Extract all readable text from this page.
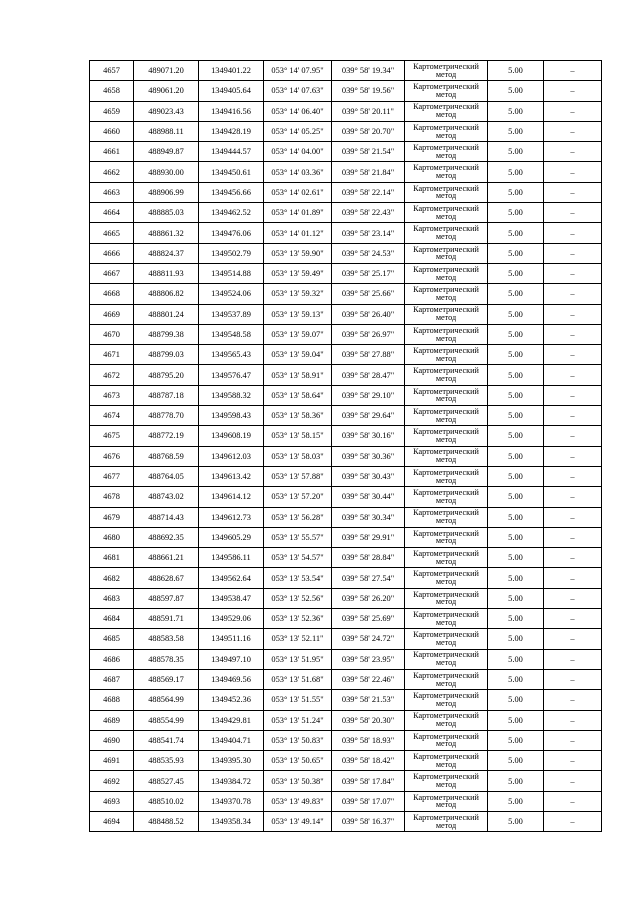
4657	489071.20	1349401.22	053° 14' 07.95"	039° 58' 19.34"	Картометрический метод	5.00	–
4658	489061.20	1349405.64	053° 14' 07.63"	039° 58' 19.56"	Картометрический метод	5.00	–
4659	489023.43	1349416.56	053° 14' 06.40"	039° 58' 20.11"	Картометрический метод	5.00	–
4660	488988.11	1349428.19	053° 14' 05.25"	039° 58' 20.70"	Картометрический метод	5.00	–
4661	488949.87	1349444.57	053° 14' 04.00"	039° 58' 21.54"	Картометрический метод	5.00	–
4662	488930.00	1349450.61	053° 14' 03.36"	039° 58' 21.84"	Картометрический метод	5.00	–
4663	488906.99	1349456.66	053° 14' 02.61"	039° 58' 22.14"	Картометрический метод	5.00	–
4664	488885.03	1349462.52	053° 14' 01.89"	039° 58' 22.43"	Картометрический метод	5.00	–
4665	488861.32	1349476.06	053° 14' 01.12"	039° 58' 23.14"	Картометрический метод	5.00	–
4666	488824.37	1349502.79	053° 13' 59.90"	039° 58' 24.53"	Картометрический метод	5.00	–
4667	488811.93	1349514.88	053° 13' 59.49"	039° 58' 25.17"	Картометрический метод	5.00	–
4668	488806.82	1349524.06	053° 13' 59.32"	039° 58' 25.66"	Картометрический метод	5.00	–
4669	488801.24	1349537.89	053° 13' 59.13"	039° 58' 26.40"	Картометрический метод	5.00	–
4670	488799.38	1349548.58	053° 13' 59.07"	039° 58' 26.97"	Картометрический метод	5.00	–
4671	488799.03	1349565.43	053° 13' 59.04"	039° 58' 27.88"	Картометрический метод	5.00	–
4672	488795.20	1349576.47	053° 13' 58.91"	039° 58' 28.47"	Картометрический метод	5.00	–
4673	488787.18	1349588.32	053° 13' 58.64"	039° 58' 29.10"	Картометрический метод	5.00	–
4674	488778.70	1349598.43	053° 13' 58.36"	039° 58' 29.64"	Картометрический метод	5.00	–
4675	488772.19	1349608.19	053° 13' 58.15"	039° 58' 30.16"	Картометрический метод	5.00	–
4676	488768.59	1349612.03	053° 13' 58.03"	039° 58' 30.36"	Картометрический метод	5.00	–
4677	488764.05	1349613.42	053° 13' 57.88"	039° 58' 30.43"	Картометрический метод	5.00	–
4678	488743.02	1349614.12	053° 13' 57.20"	039° 58' 30.44"	Картометрический метод	5.00	–
4679	488714.43	1349612.73	053° 13' 56.28"	039° 58' 30.34"	Картометрический метод	5.00	–
4680	488692.35	1349605.29	053° 13' 55.57"	039° 58' 29.91"	Картометрический метод	5.00	–
4681	488661.21	1349586.11	053° 13' 54.57"	039° 58' 28.84"	Картометрический метод	5.00	–
4682	488628.67	1349562.64	053° 13' 53.54"	039° 58' 27.54"	Картометрический метод	5.00	–
4683	488597.87	1349538.47	053° 13' 52.56"	039° 58' 26.20"	Картометрический метод	5.00	–
4684	488591.71	1349529.06	053° 13' 52.36"	039° 58' 25.69"	Картометрический метод	5.00	–
4685	488583.58	1349511.16	053° 13' 52.11"	039° 58' 24.72"	Картометрический метод	5.00	–
4686	488578.35	1349497.10	053° 13' 51.95"	039° 58' 23.95"	Картометрический метод	5.00	–
4687	488569.17	1349469.56	053° 13' 51.68"	039° 58' 22.46"	Картометрический метод	5.00	–
4688	488564.99	1349452.36	053° 13' 51.55"	039° 58' 21.53"	Картометрический метод	5.00	–
4689	488554.99	1349429.81	053° 13' 51.24"	039° 58' 20.30"	Картометрический метод	5.00	–
4690	488541.74	1349404.71	053° 13' 50.83"	039° 58' 18.93"	Картометрический метод	5.00	–
4691	488535.93	1349395.30	053° 13' 50.65"	039° 58' 18.42"	Картометрический метод	5.00	–
4692	488527.45	1349384.72	053° 13' 50.38"	039° 58' 17.84"	Картометрический метод	5.00	–
4693	488510.02	1349370.78	053° 13' 49.83"	039° 58' 17.07"	Картометрический метод	5.00	–
4694	488488.52	1349358.34	053° 13' 49.14"	039° 58' 16.37"	Картометрический метод	5.00	–
